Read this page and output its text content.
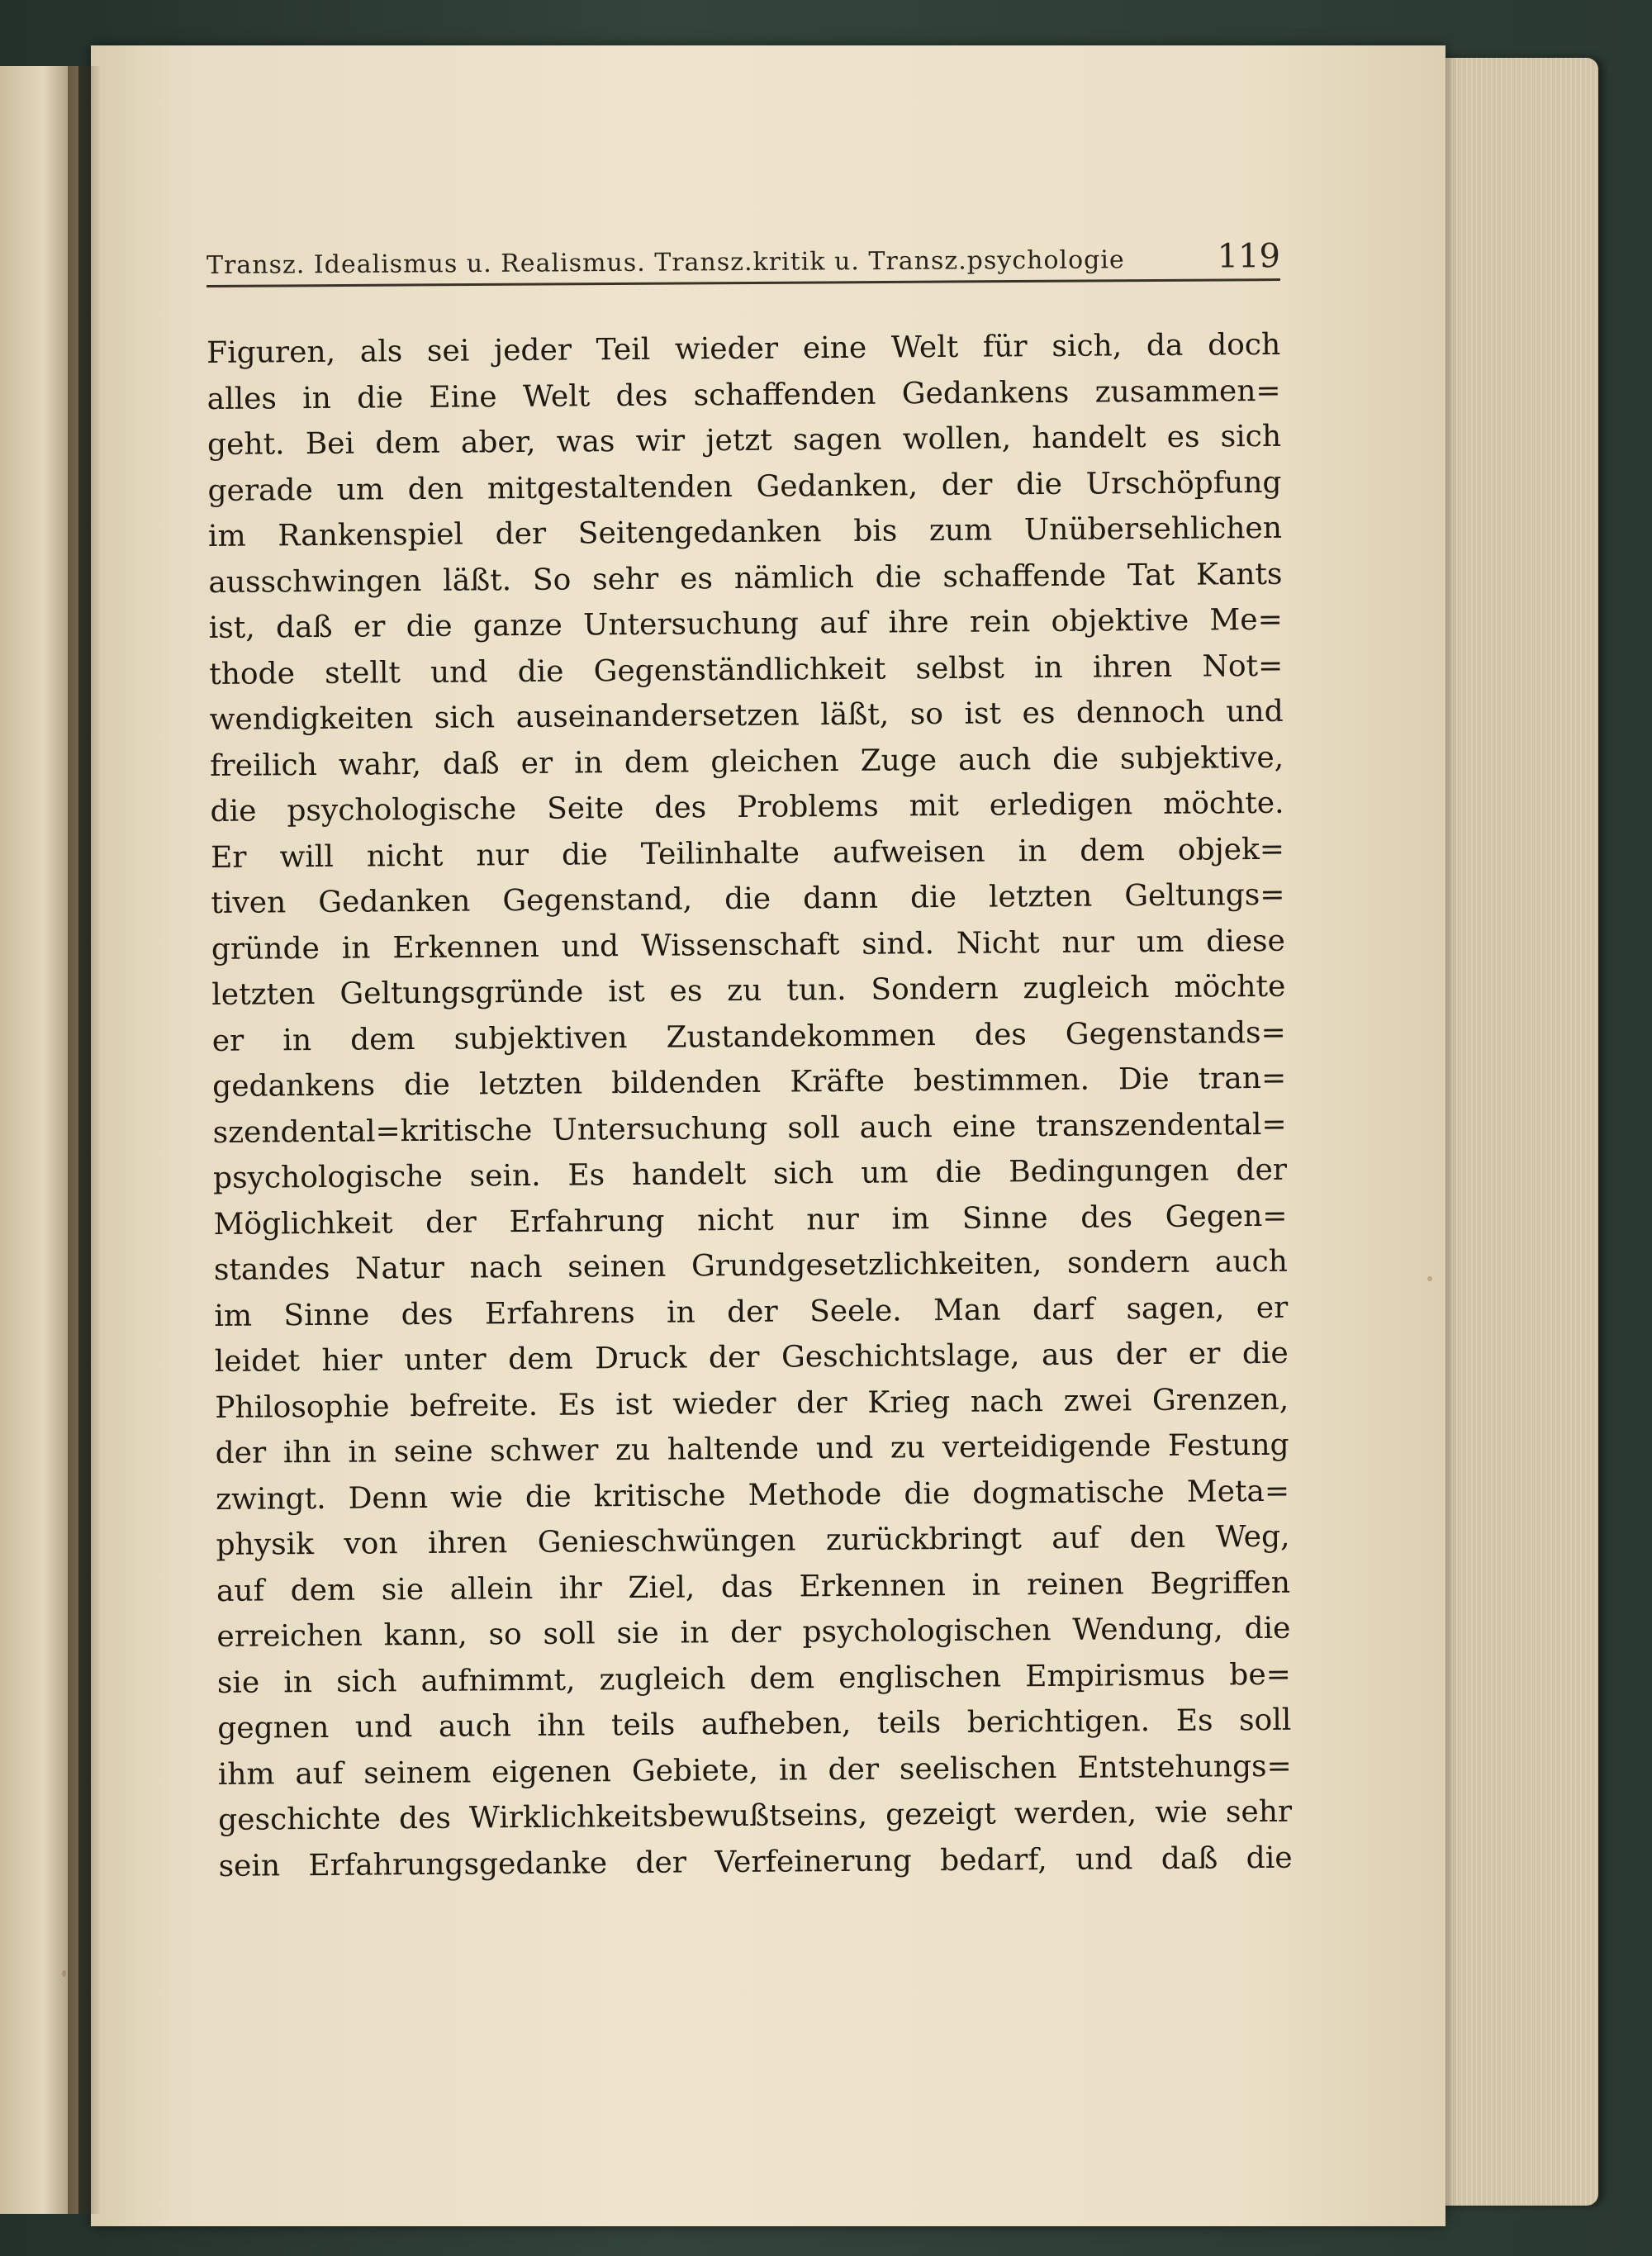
Transz. Idealismus u. Realismus. Transz.kritik u. Transz.psychologie	119
Figuren, als sei jeder Teil wieder eine Welt für sich, da doch
alles in die Eine Welt des schaffenden Gedankens zusammen=
geht. Bei dem aber, was wir jetzt sagen wollen, handelt es sich
gerade um den mitgestaltenden Gedanken, der die Urschöpfung
im Rankenspiel der Seitengedanken bis zum Unübersehlichen
ausschwingen läßt. So sehr es nämlich die schaffende Tat Kants
ist, daß er die ganze Untersuchung auf ihre rein objektive Me=
thode stellt und die Gegenständlichkeit selbst in ihren Not=
wendigkeiten sich auseinandersetzen läßt, so ist es dennoch und
freilich wahr, daß er in dem gleichen Zuge auch die subjektive,
die psychologische Seite des Problems mit erledigen möchte.
Er will nicht nur die Teilinhalte aufweisen in dem objek=
tiven Gedanken Gegenstand, die dann die letzten Geltungs=
gründe in Erkennen und Wissenschaft sind. Nicht nur um diese
letzten Geltungsgründe ist es zu tun. Sondern zugleich möchte
er in dem subjektiven Zustandekommen des Gegenstands=
gedankens die letzten bildenden Kräfte bestimmen. Die tran=
szendental=kritische Untersuchung soll auch eine transzendental=
psychologische sein. Es handelt sich um die Bedingungen der
Möglichkeit der Erfahrung nicht nur im Sinne des Gegen=
standes Natur nach seinen Grundgesetzlichkeiten, sondern auch
im Sinne des Erfahrens in der Seele. Man darf sagen, er
leidet hier unter dem Druck der Geschichtslage, aus der er die
Philosophie befreite. Es ist wieder der Krieg nach zwei Grenzen,
der ihn in seine schwer zu haltende und zu verteidigende Festung
zwingt. Denn wie die kritische Methode die dogmatische Meta=
physik von ihren Genieschwüngen zurückbringt auf den Weg,
auf dem sie allein ihr Ziel, das Erkennen in reinen Begriffen
erreichen kann, so soll sie in der psychologischen Wendung, die
sie in sich aufnimmt, zugleich dem englischen Empirismus be=
gegnen und auch ihn teils aufheben, teils berichtigen. Es soll
ihm auf seinem eigenen Gebiete, in der seelischen Entstehungs=
geschichte des Wirklichkeitsbewußtseins, gezeigt werden, wie sehr
sein Erfahrungsgedanke der Verfeinerung bedarf, und daß die
